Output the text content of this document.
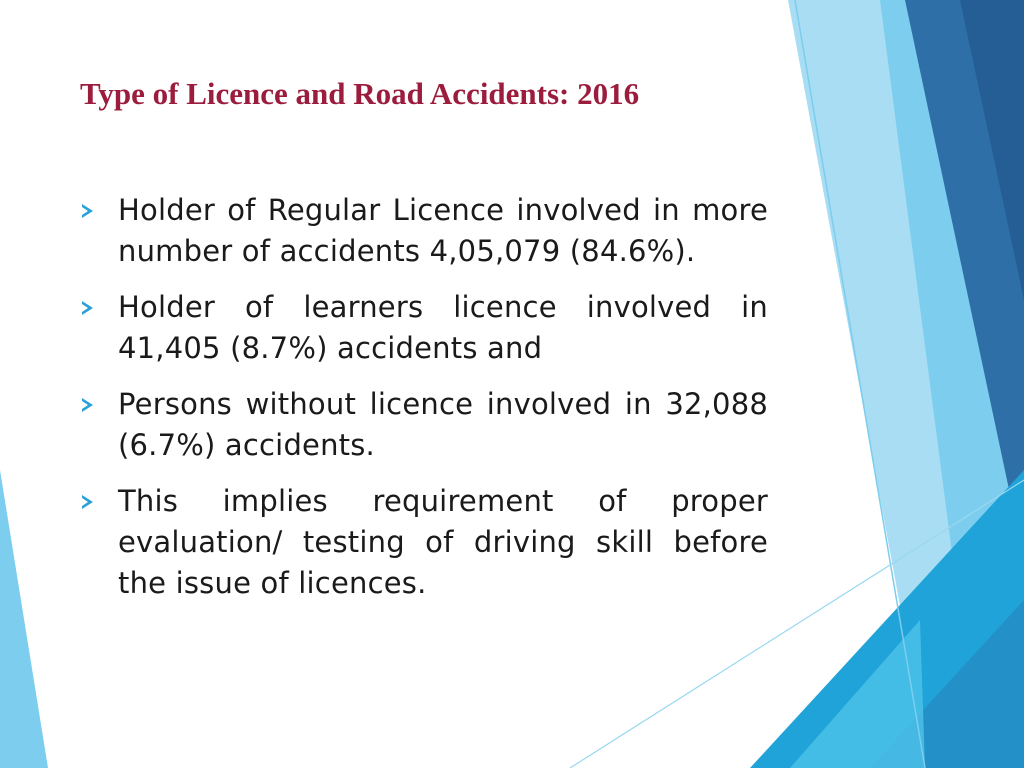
Type of Licence and Road Accidents: 2016
Holder of Regular Licence involved in more number of accidents 4,05,079 (84.6%).
Holder of learners licence involved in 41,405 (8.7%) accidents and
Persons without licence involved in 32,088 (6.7%) accidents.
This implies requirement of proper evaluation/ testing of driving skill before the issue of licences.
